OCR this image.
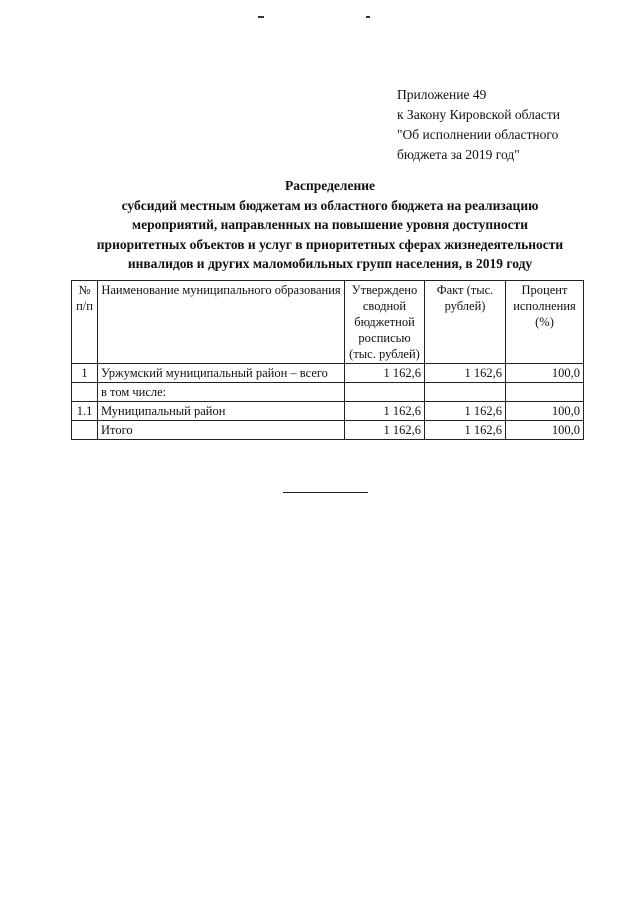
Приложение 49
к Закону Кировской области
"Об исполнении областного
бюджета за 2019 год"
Распределение
субсидий местным бюджетам из областного бюджета на реализацию
мероприятий, направленных на повышение уровня доступности
приоритетных объектов и услуг в приоритетных сферах жизнедеятельности
инвалидов и других маломобильных групп населения, в 2019 году
№ п/п	Наименование муниципального образования	Утверждено сводной бюджетной росписью (тыс. рублей)	Факт (тыс. рублей)	Процент исполнения (%)
1	Уржумский муниципальный район – всего	1 162,6	1 162,6	100,0
	в том числе:			
1.1	Муниципальный район	1 162,6	1 162,6	100,0
	Итого	1 162,6	1 162,6	100,0
